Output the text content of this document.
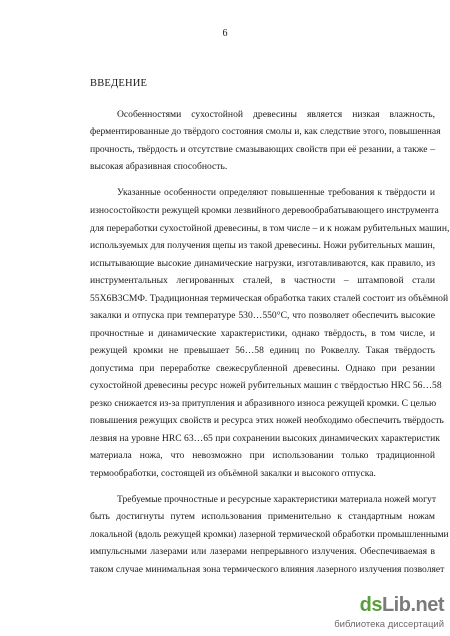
6
ВВЕДЕНИЕ
Особенностями сухостойной древесины является низкая влажность,
ферментированные до твёрдого состояния смолы и, как следствие этого, повышенная
прочность, твёрдость и отсутствие смазывающих свойств при её резании, а также –
высокая абразивная способность.
Указанные особенности определяют повышенные требования к твёрдости и
износостойкости режущей кромки лезвийного деревообрабатывающего инструмента
для переработки сухостойной древесины, в том числе – и к ножам рубительных машин,
используемых для получения щепы из такой древесины. Ножи рубительных машин,
испытывающие высокие динамические нагрузки, изготавливаются, как правило, из
инструментальных легированных сталей, в частности – штамповой стали
55Х6В3СМФ. Традиционная термическая обработка таких сталей состоит из объёмной
закалки и отпуска при температуре 530…550°С, что позволяет обеспечить высокие
прочностные и динамические характеристики, однако твёрдость, в том числе, и
режущей кромки не превышает 56…58 единиц по Роквеллу. Такая твёрдость
допустима при переработке свежесрубленной древесины. Однако при резании
сухостойной древесины ресурс ножей рубительных машин с твёрдостью HRC 56…58
резко снижается из-за притупления и абразивного износа режущей кромки. С целью
повышения режущих свойств и ресурса этих ножей необходимо обеспечить твёрдость
лезвия на уровне HRC 63…65 при сохранении высоких динамических характеристик
материала ножа, что невозможно при использовании только традиционной
термообработки, состоящей из объёмной закалки и высокого отпуска.
Требуемые прочностные и ресурсные характеристики материала ножей могут
быть достигнуты путем использования применительно к стандартным ножам
локальной (вдоль режущей кромки) лазерной термической обработки промышленными
импульсными лазерами или лазерами непрерывного излучения. Обеспечиваемая в
таком случае минимальная зона термического влияния лазерного излучения позволяет
dsLib.net
библиотека диссертаций
